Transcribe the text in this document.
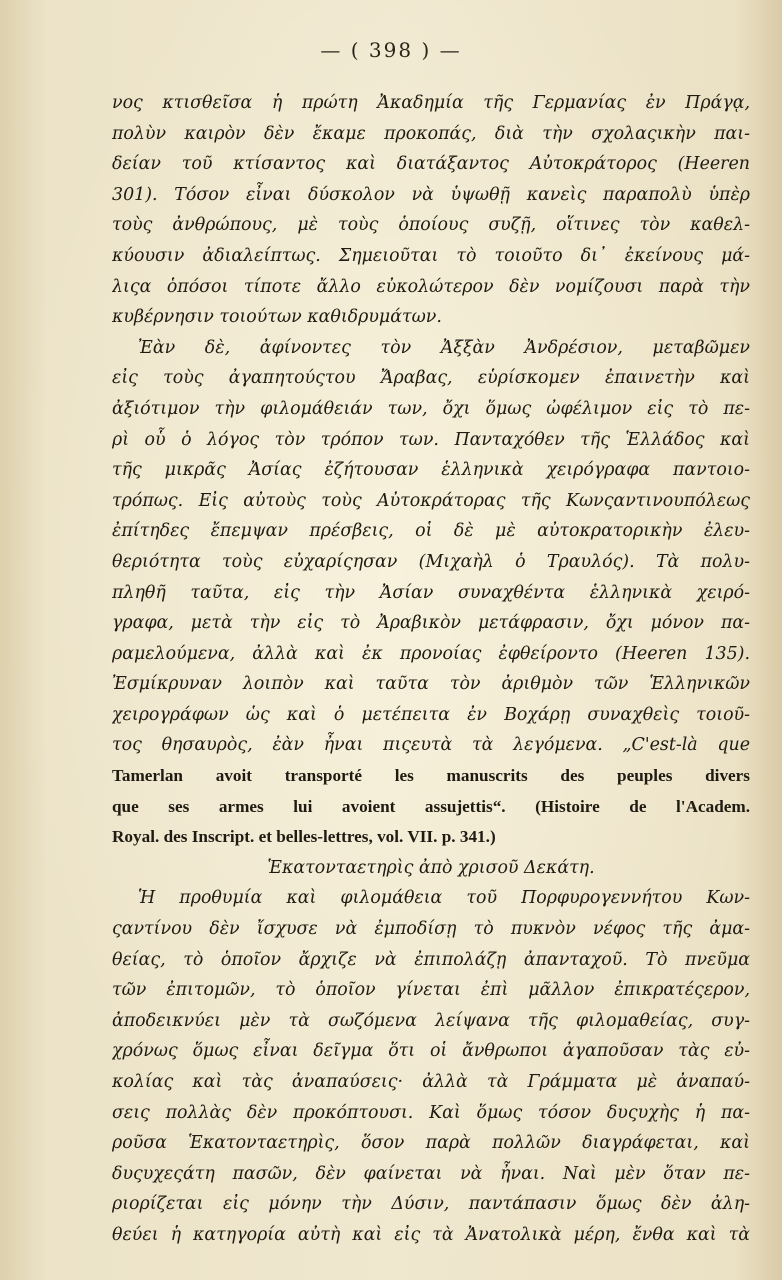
— ( 398 ) —
νος κτισθεῖσα ἡ πρώτη Ἀκαδημία τῆς Γερμανίας ἐν Πράγᾳ,
πολὺν καιρὸν δὲν ἔκαμε προκοπάς, διὰ τὴν σχολαςικὴν παι-
δείαν τοῦ κτίσαντος καὶ διατάξαντος Αὐτοκράτορος (Heeren
301). Τόσον εἶναι δύσκολον νὰ ὑψωθῇ κανεὶς παραπολὺ ὑπὲρ
τοὺς ἀνθρώπους, μὲ τοὺς ὁποίους συζῇ, οἵτινες τὸν καθελ-
κύουσιν ἀδιαλείπτως. Σημειοῦται τὸ τοιοῦτο δι᾽ ἐκείνους μά-
λιςα ὁπόσοι τίποτε ἄλλο εὐκολώτερον δὲν νομίζουσι παρὰ τὴν
κυβέρνησιν τοιούτων καθιδρυμάτων.
Ἐὰν δὲ, ἀφίνοντες τὸν Ἀξξὰν Ἀνδρέσιον, μεταβῶμεν
εἰς τοὺς ἀγαπητούςτου Ἄραβας, εὑρίσκομεν ἐπαινετὴν καὶ
ἀξιότιμον τὴν φιλομάθειάν των, ὄχι ὅμως ὠφέλιμον εἰς τὸ πε-
ρὶ οὗ ὁ λόγος τὸν τρόπον των. Πανταχόθεν τῆς Ἑλλάδος καὶ
τῆς μικρᾶς Ἀσίας ἐζήτουσαν ἑλληνικὰ χειρόγραφα παντοιο-
τρόπως. Εἰς αὐτοὺς τοὺς Αὐτοκράτορας τῆς Κωνςαντινουπόλεως
ἐπίτηδες ἔπεμψαν πρέσβεις, οἱ δὲ μὲ αὐτοκρατορικὴν ἐλευ-
θεριότητα τοὺς εὐχαρίςησαν (Μιχαὴλ ὁ Τραυλός). Τὰ πολυ-
πληθῆ ταῦτα, εἰς τὴν Ἀσίαν συναχθέντα ἑλληνικὰ χειρό-
γραφα, μετὰ τὴν εἰς τὸ Ἀραβικὸν μετάφρασιν, ὄχι μόνον πα-
ραμελούμενα, ἀλλὰ καὶ ἐκ προνοίας ἐφθείροντο (Heeren 135).
Ἐσμίκρυναν λοιπὸν καὶ ταῦτα τὸν ἀριθμὸν τῶν Ἑλληνικῶν
χειρογράφων ὡς καὶ ὁ μετέπειτα ἐν Βοχάρῃ συναχθεὶς τοιοῦ-
τος θησαυρὸς, ἐὰν ἦναι πιςευτὰ τὰ λεγόμενα. „C'est-là que
Tamerlan avoit transporté les manuscrits des peuples divers
que ses armes lui avoient assujettis“. (Histoire de l'Academ.
Royal. des Inscript. et belles-lettres, vol. VII. p. 341.)
Ἑκατονταετηρὶς ἀπὸ χρισοῦ Δεκάτη.
Ἡ προθυμία καὶ φιλομάθεια τοῦ Πορφυρογεννήτου Κων-
ςαντίνου δὲν ἴσχυσε νὰ ἐμποδίσῃ τὸ πυκνὸν νέφος τῆς ἀμα-
θείας, τὸ ὁποῖον ἄρχιζε νὰ ἐπιπολάζῃ ἀπανταχοῦ. Τὸ πνεῦμα
τῶν ἐπιτομῶν, τὸ ὁποῖον γίνεται ἐπὶ μᾶλλον ἐπικρατέςερον,
ἀποδεικνύει μὲν τὰ σωζόμενα λείψανα τῆς φιλομαθείας, συγ-
χρόνως ὅμως εἶναι δεῖγμα ὅτι οἱ ἄνθρωποι ἀγαποῦσαν τὰς εὐ-
κολίας καὶ τὰς ἀναπαύσεις· ἀλλὰ τὰ Γράμματα μὲ ἀναπαύ-
σεις πολλὰς δὲν προκόπτουσι. Καὶ ὅμως τόσον δυςυχὴς ἡ πα-
ροῦσα Ἑκατονταετηρὶς, ὅσον παρὰ πολλῶν διαγράφεται, καὶ
δυςυχεςάτη πασῶν, δὲν φαίνεται νὰ ἦναι. Ναὶ μὲν ὅταν πε-
ριορίζεται εἰς μόνην τὴν Δύσιν, παντάπασιν ὅμως δὲν ἀλη-
θεύει ἡ κατηγορία αὐτὴ καὶ εἰς τὰ Ἀνατολικὰ μέρη, ἔνθα καὶ τὰ
